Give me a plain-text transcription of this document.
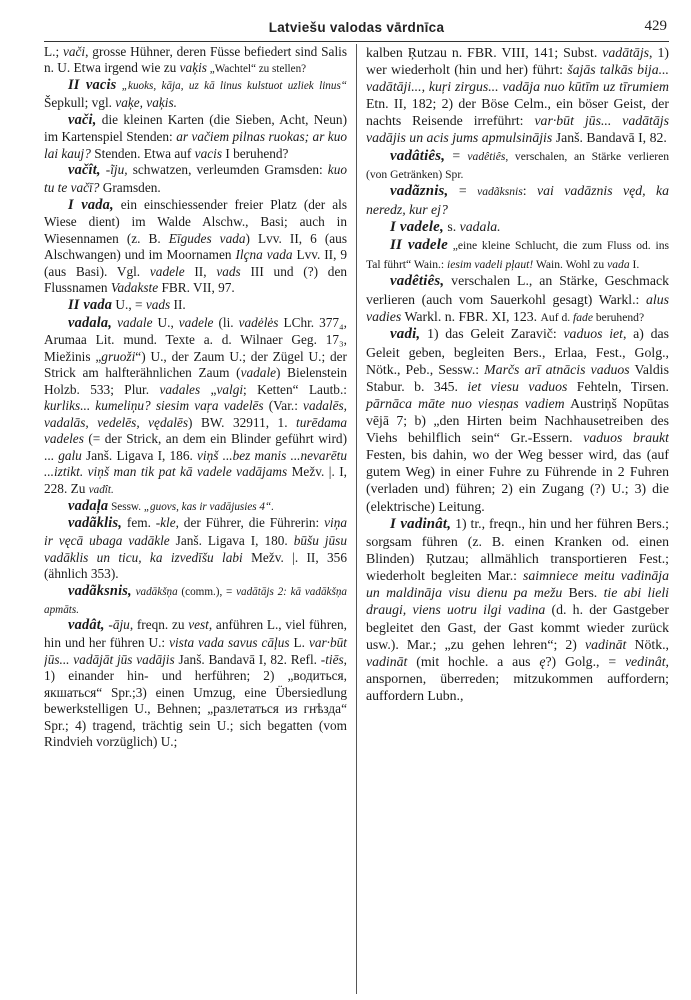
Latviešu valodas vārdnīca	429

L.; vači, grosse Hühner, deren Füsse befiedert sind Salis n. U. Etwa irgend wie zu vaķis „Wachtel“ zu stellen?

II vacis „kuoks, kāja, uz kā linus kulstuot uzliek linus“ Šepkull; vgl. vaķe, vaķis.

vači, die kleinen Karten (die Sieben, Acht, Neun) im Kartenspiel Stenden: ar vačiem pilnas ruokas; ar kuo lai kauj? Stenden. Etwa auf vacis I beruhend?

vačît, -ĩju, schwatzen, verleumden Gramsden: kuo tu te vačī? Gramsden.

I vada, ein einschiessender freier Platz (der als Wiese dient) im Walde Alschw., Basi; auch in Wiesennamen (z. B. Eīgudes vada) Lvv. II, 6 (aus Alschwangen) und im Moornamen Ilçna vada Lvv. II, 9 (aus Basi). Vgl. vadele II, vads III und (?) den Flussnamen Vadakste FBR. VII, 97.

II vada U., = vads II.

vadala, vadale U., vadele (li. vadėlės LChr. 377₄, Arumaa Lit. mund. Texte a. d. Wilnaer Geg. 17₃, Miežinis „gruoži“) U., der Zaum U.; der Zügel U.; der Strick am halfterähnlichen Zaum (vadale) Bielenstein Holzb. 533; Plur. vadales „valgi; Ketten“ Lautb.: kurliks... kumeliņu? siesim vaŗa vadelēs (Var.: vadalēs, vadalās, vedelēs, vędalēs) BW. 32911, 1. turēdama vadeles (= der Strick, an dem ein Blinder geführt wird) ... galu Janš. Ligava I, 186. viņš ...bez manis ...nevarētu ...iztikt. viņš man tik pat kā vadele vadājams Mežv. |. I, 228. Zu vadît.

vadaļa Sessw. „guovs, kas ir vadājusies 4“.

vadãklis, fem. -kle, der Führer, die Führerin: viņa ir vęcā ubaga vadākle Janš. Ligava I, 180. būšu jūsu vadāklis un ticu, ka izvedīšu labi Mežv. |. II, 356 (ähnlich 353).

vadãksnis, vadākšņa (comm.), = vadātājs 2: kā vadākšņa apmāts.

vadât, -āju, freqn. zu vest, anführen L., viel führen, hin und her führen U.: vista vada savus cāļus L. var·būt jūs... vadājāt jūs vadājis Janš. Bandavā I, 82. Refl. -tiēs, 1) einander hin- und herführen; 2) „водиться, якшаться“ Spr.;3) einen Umzug, eine Übersiedlung bewerkstelligen U., Behnen; „разлетаться из гнѣзда“ Spr.; 4) tragend, trächtig sein U.; sich begatten (vom Rindvieh vorzüglich) U.;

kalben Ŗutzau n. FBR. VIII, 141; Subst. vadātājs, 1) wer wiederholt (hin und her) führt: šajās talkās bija... vadātāji..., kuŗi zirgus... vadāja nuo kūtīm uz tīrumiem Etn. II, 182; 2) der Böse Celm., ein böser Geist, der nachts Reisende irreführt: var·būt jūs... vadātājs vadājis un acis jums apmulsinājis Janš. Bandavā I, 82.

vadâtiês, = vadêtiês, verschalen, an Stärke verlieren (von Getränken) Spr.

vadãznis, = vadãksnis: vai vadāznis vęd, ka neredz, kur ej?

I vadele, s. vadala.

II vadele „eine kleine Schlucht, die zum Fluss od. ins Tal führt“ Wain.: iesim vadeli pļaut! Wain. Wohl zu vada I.

vadêtiês, verschalen L., an Stärke, Geschmack verlieren (auch vom Sauerkohl gesagt) Warkl.: alus vadies Warkl. n. FBR. XI, 123. Auf d. fade beruhend?

vadi, 1) das Geleit Zaravič: vaduos iet, a) das Geleit geben, begleiten Bers., Erlaa, Fest., Golg., Nötk., Peb., Sessw.: Marčs arī atnācis vaduos Valdis Stabur. b. 345. iet viesu vaduos Fehteln, Tirsen. pārnāca māte nuo viesņas vadiem Austriņš Nopūtas vējā 7; b) „den Hirten beim Nachhausetreiben des Viehs behilflich sein“ Gr.-Essern. vaduos braukt Festen, bis dahin, wo der Weg besser wird, das (auf gutem Weg) in einer Fuhre zu Führende in 2 Fuhren (verladen und) führen; 2) ein Zugang (?) U.; 3) die (elektrische) Leitung.

I vadinât, 1) tr., freqn., hin und her führen Bers.; sorgsam führen (z. B. einen Kranken od. einen Blinden) Ŗutzau; allmählich transportieren Fest.; wiederholt begleiten Mar.: saimniece meitu vadināja un maldināja visu dienu pa mežu Bers. tie abi lieli draugi, viens uotru ilgi vadina (d. h. der Gastgeber begleitet den Gast, der Gast kommt wieder zurück usw.). Mar.; „zu gehen lehren“; 2) vadināt Nötk., vadināt (mit hochle. a aus ę?) Golg., = vedinât, anspornen, überreden; mitzukommen auffordern; auffordern Lubn.,
